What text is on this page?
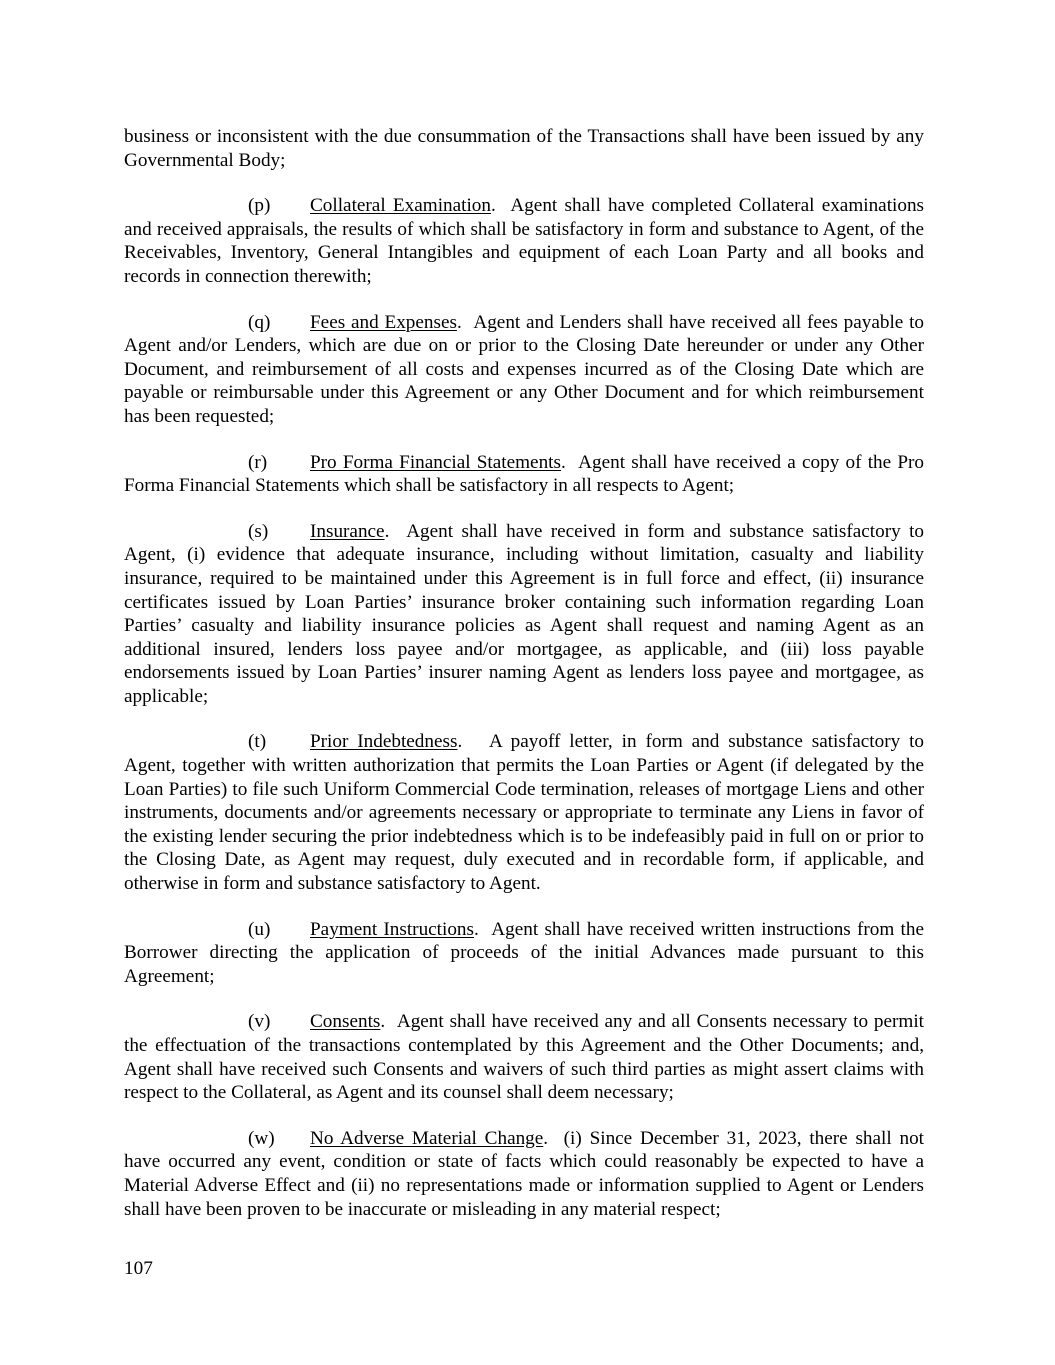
business or inconsistent with the due consummation of the Transactions shall have been issued by any Governmental Body;

(p) Collateral Examination.  Agent shall have completed Collateral examinations and received appraisals, the results of which shall be satisfactory in form and substance to Agent, of the Receivables, Inventory, General Intangibles and equipment of each Loan Party and all books and records in connection therewith;

(q) Fees and Expenses.  Agent and Lenders shall have received all fees payable to Agent and/or Lenders, which are due on or prior to the Closing Date hereunder or under any Other Document, and reimbursement of all costs and expenses incurred as of the Closing Date which are payable or reimbursable under this Agreement or any Other Document and for which reimbursement has been requested;

(r) Pro Forma Financial Statements.  Agent shall have received a copy of the Pro Forma Financial Statements which shall be satisfactory in all respects to Agent;

(s) Insurance.  Agent shall have received in form and substance satisfactory to Agent, (i) evidence that adequate insurance, including without limitation, casualty and liability insurance, required to be maintained under this Agreement is in full force and effect, (ii) insurance certificates issued by Loan Parties’ insurance broker containing such information regarding Loan Parties’ casualty and liability insurance policies as Agent shall request and naming Agent as an additional insured, lenders loss payee and/or mortgagee, as applicable, and (iii) loss payable endorsements issued by Loan Parties’ insurer naming Agent as lenders loss payee and mortgagee, as applicable;

(t) Prior Indebtedness.   A payoff letter, in form and substance satisfactory to Agent, together with written authorization that permits the Loan Parties or Agent (if delegated by the Loan Parties) to file such Uniform Commercial Code termination, releases of mortgage Liens and other instruments, documents and/or agreements necessary or appropriate to terminate any Liens in favor of the existing lender securing the prior indebtedness which is to be indefeasibly paid in full on or prior to the Closing Date, as Agent may request, duly executed and in recordable form, if applicable, and otherwise in form and substance satisfactory to Agent.

(u) Payment Instructions.  Agent shall have received written instructions from the Borrower directing the application of proceeds of the initial Advances made pursuant to this Agreement;

(v) Consents.  Agent shall have received any and all Consents necessary to permit the effectuation of the transactions contemplated by this Agreement and the Other Documents; and, Agent shall have received such Consents and waivers of such third parties as might assert claims with respect to the Collateral, as Agent and its counsel shall deem necessary;

(w) No Adverse Material Change.  (i) Since December 31, 2023, there shall not have occurred any event, condition or state of facts which could reasonably be expected to have a Material Adverse Effect and (ii) no representations made or information supplied to Agent or Lenders shall have been proven to be inaccurate or misleading in any material respect;

107
